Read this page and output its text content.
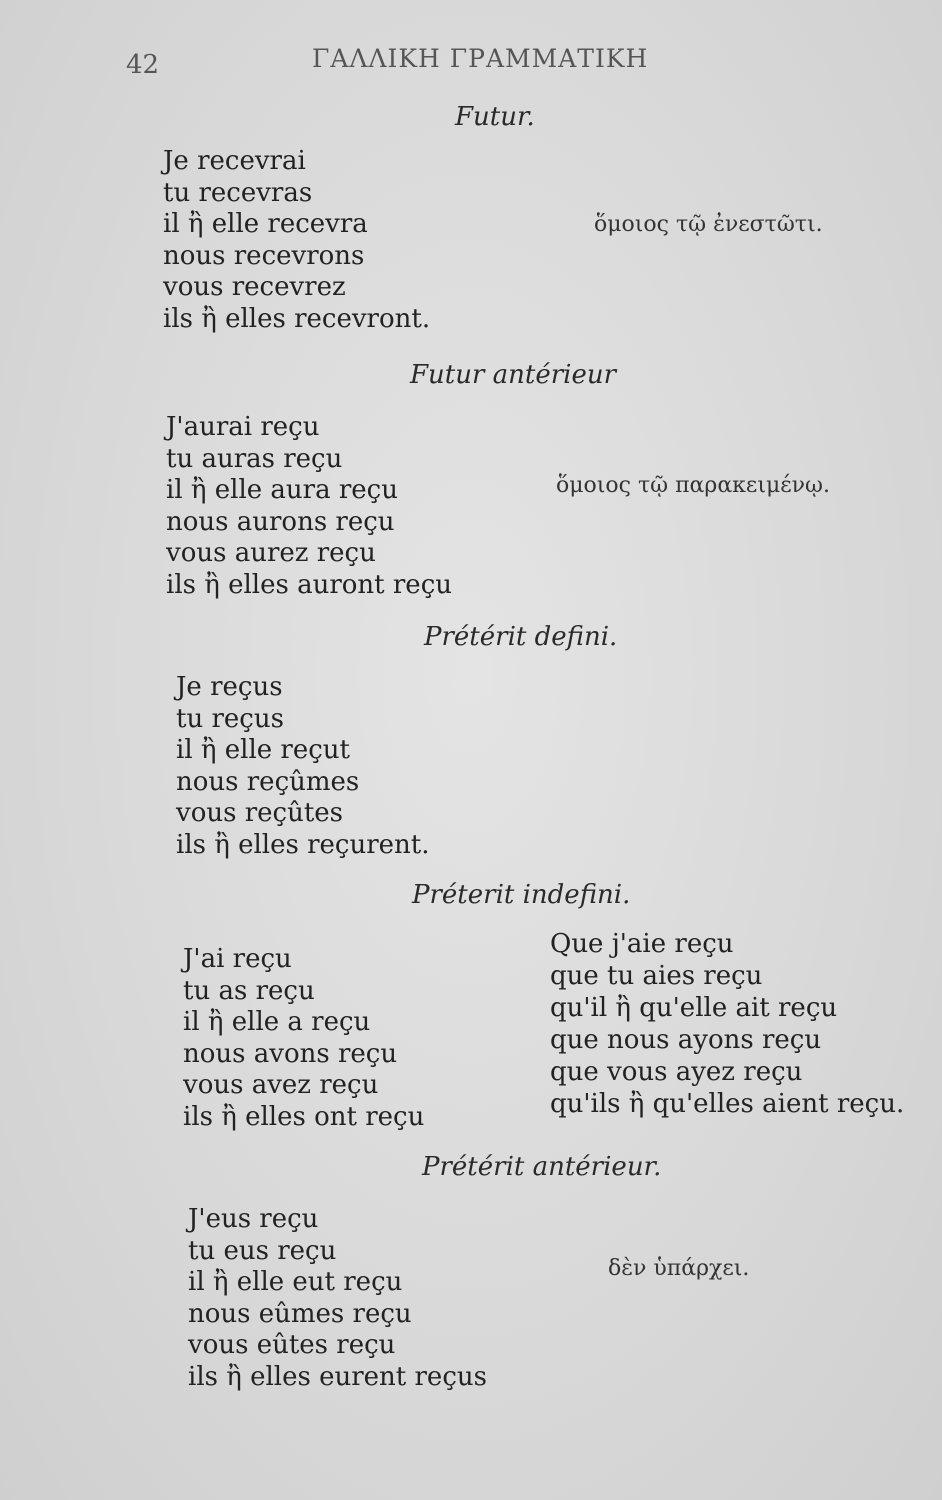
42	ΓΑΛΛΙΚΗ ΓΡΑΜΜΑΤΙΚΗ
Futur.
Je recevrai
tu recevras
il ἢ elle recevra
nous recevrons
vous recevrez
ils ἢ elles recevront.
ὅμοιος τῷ ἐνεστῶτι.
Futur antérieur
J'aurai reçu
tu auras reçu
il ἢ elle aura reçu
nous aurons reçu
vous aurez reçu
ils ἢ elles auront reçu
ὅμοιος τῷ παρακειμένῳ.
Prétérit defini.
Je reçus
tu reçus
il ἢ elle reçut
nous reçûmes
vous reçûtes
ils ἢ elles reçurent.
Préterit indefini.
J'ai reçu
tu as reçu
il ἢ elle a reçu
nous avons reçu
vous avez reçu
ils ἢ elles ont reçu
Que j'aie reçu
que tu aies reçu
qu'il ἢ qu'elle ait reçu
que nous ayons reçu
que vous ayez reçu
qu'ils ἢ qu'elles aient reçu.
Prétérit antérieur.
J'eus reçu
tu eus reçu
il ἢ elle eut reçu
nous eûmes reçu
vous eûtes reçu
ils ἢ elles eurent reçus
δὲν ὑπάρχει.
